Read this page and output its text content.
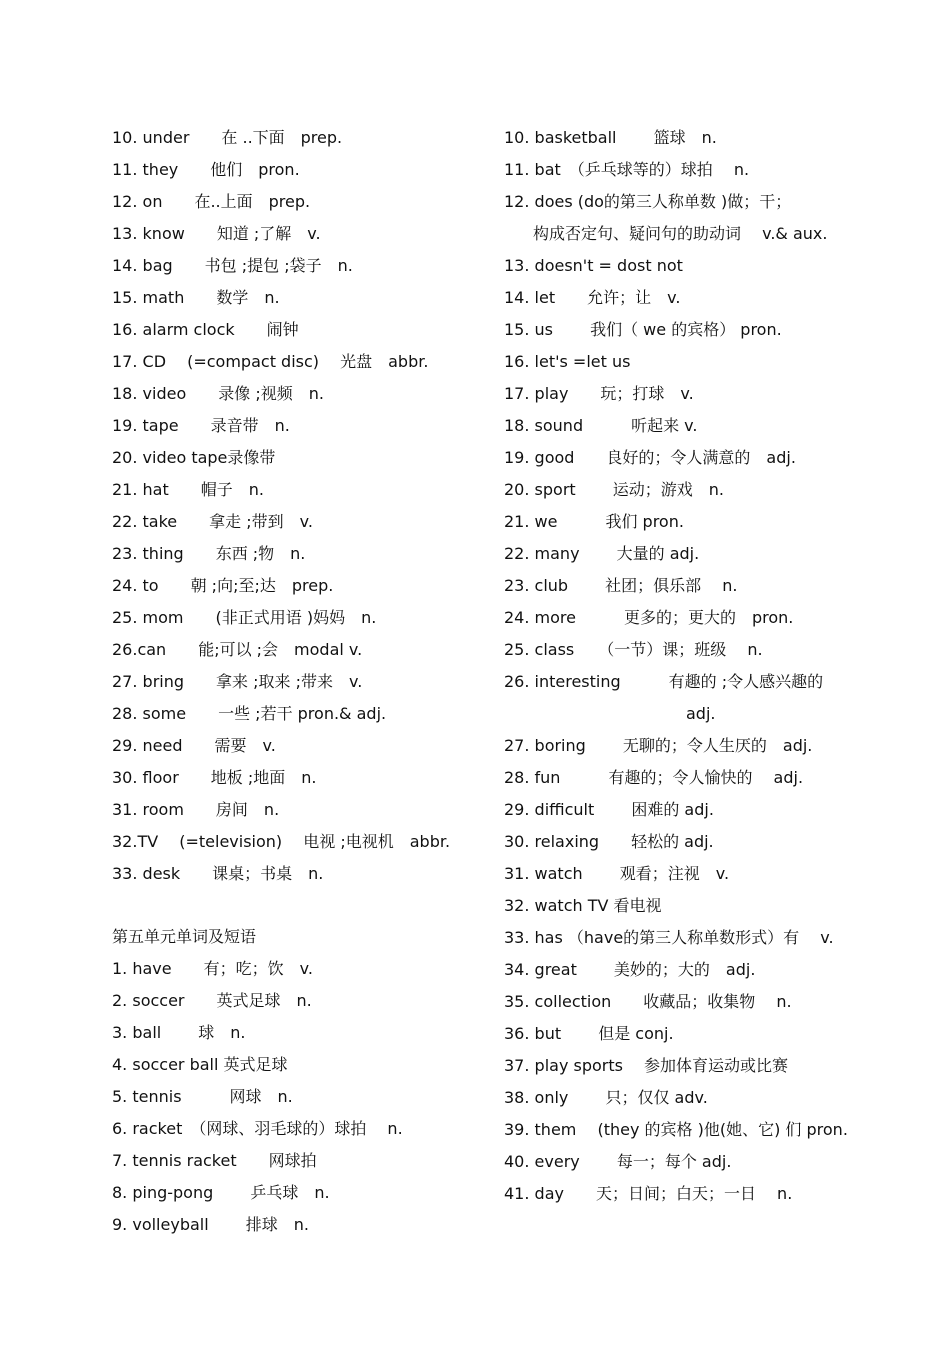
10. under　　在 ..下面　prep.
11. they　　他们　pron.
12. on　　在..上面　prep.
13. know　　知道 ;了解　v.
14. bag　　书包 ;提包 ;袋子　n.
15. math　　数学　n.
16. alarm clock　　闹钟
17. CD　 (=compact disc)　 光盘　abbr.
18. video　　录像 ;视频　n.
19. tape　　录音带　n.
20. video tape录像带
21. hat　　帽子　n.
22. take　　拿走 ;带到　v.
23. thing　　东西 ;物　n.
24. to　　朝 ;向;至;达　prep.
25. mom　　(非正式用语 )妈妈　n.
26.can　　能;可以 ;会　modal v.
27. bring　　拿来 ;取来 ;带来　v.
28. some　　一些 ;若干 pron.& adj.
29. need　　需要　v.
30. floor　　地板 ;地面　n.
31. room　　房间　n.
32.TV　 (=television)　 电视 ;电视机　abbr.
33. desk　　课桌；书桌　n.
第五单元单词及短语
1. have　　有；吃；饮　v.
2. soccer　　英式足球　n.
3. ball　　 球　n.
4. soccer ball 英式足球
5. tennis　　　网球　n.
6. racket　（网球、羽毛球的）球拍　 n.
7. tennis racket　　网球拍
8. ping-pong　　 乒乓球　n.
9. volleyball　　 排球　n.
10. basketball　　 篮球　n.
11. bat　（乒乓球等的）球拍　 n.
12. does (do的第三人称单数 )做；干；
构成否定句、疑问句的助动词　 v.& aux.
13. doesn't = dost not
14. let　　允许；让　v.
15. us　　 我们（ we 的宾格） pron.
16. let's =let us
17. play　　玩；打球　v.
18. sound　　　听起来 v.
19. good　　良好的；令人满意的　adj.
20. sport　　 运动；游戏　n.
21. we　　　我们 pron.
22. many　　 大量的 adj.
23. club　　 社团；俱乐部　 n.
24. more　　　更多的；更大的　pron.
25. class　　（一节）课；班级　 n.
26. interesting　　　有趣的 ;令人感兴趣的
adj.
27. boring　　 无聊的；令人生厌的　adj.
28. fun　　　有趣的；令人愉快的　 adj.
29. difficult　　 困难的 adj.
30. relaxing　　轻松的 adj.
31. watch　　 观看；注视　v.
32. watch TV 看电视
33. has （have的第三人称单数形式）有　 v.
34. great　　 美妙的；大的　adj.
35. collection　　收藏品；收集物　 n.
36. but　　 但是 conj.
37. play sports　 参加体育运动或比赛
38. only　　 只；仅仅 adv.
39. them　 (they 的宾格 )他(她、它) 们 pron.
40. every　　 每一；每个 adj.
41. day　　天；日间；白天；一日　 n.
